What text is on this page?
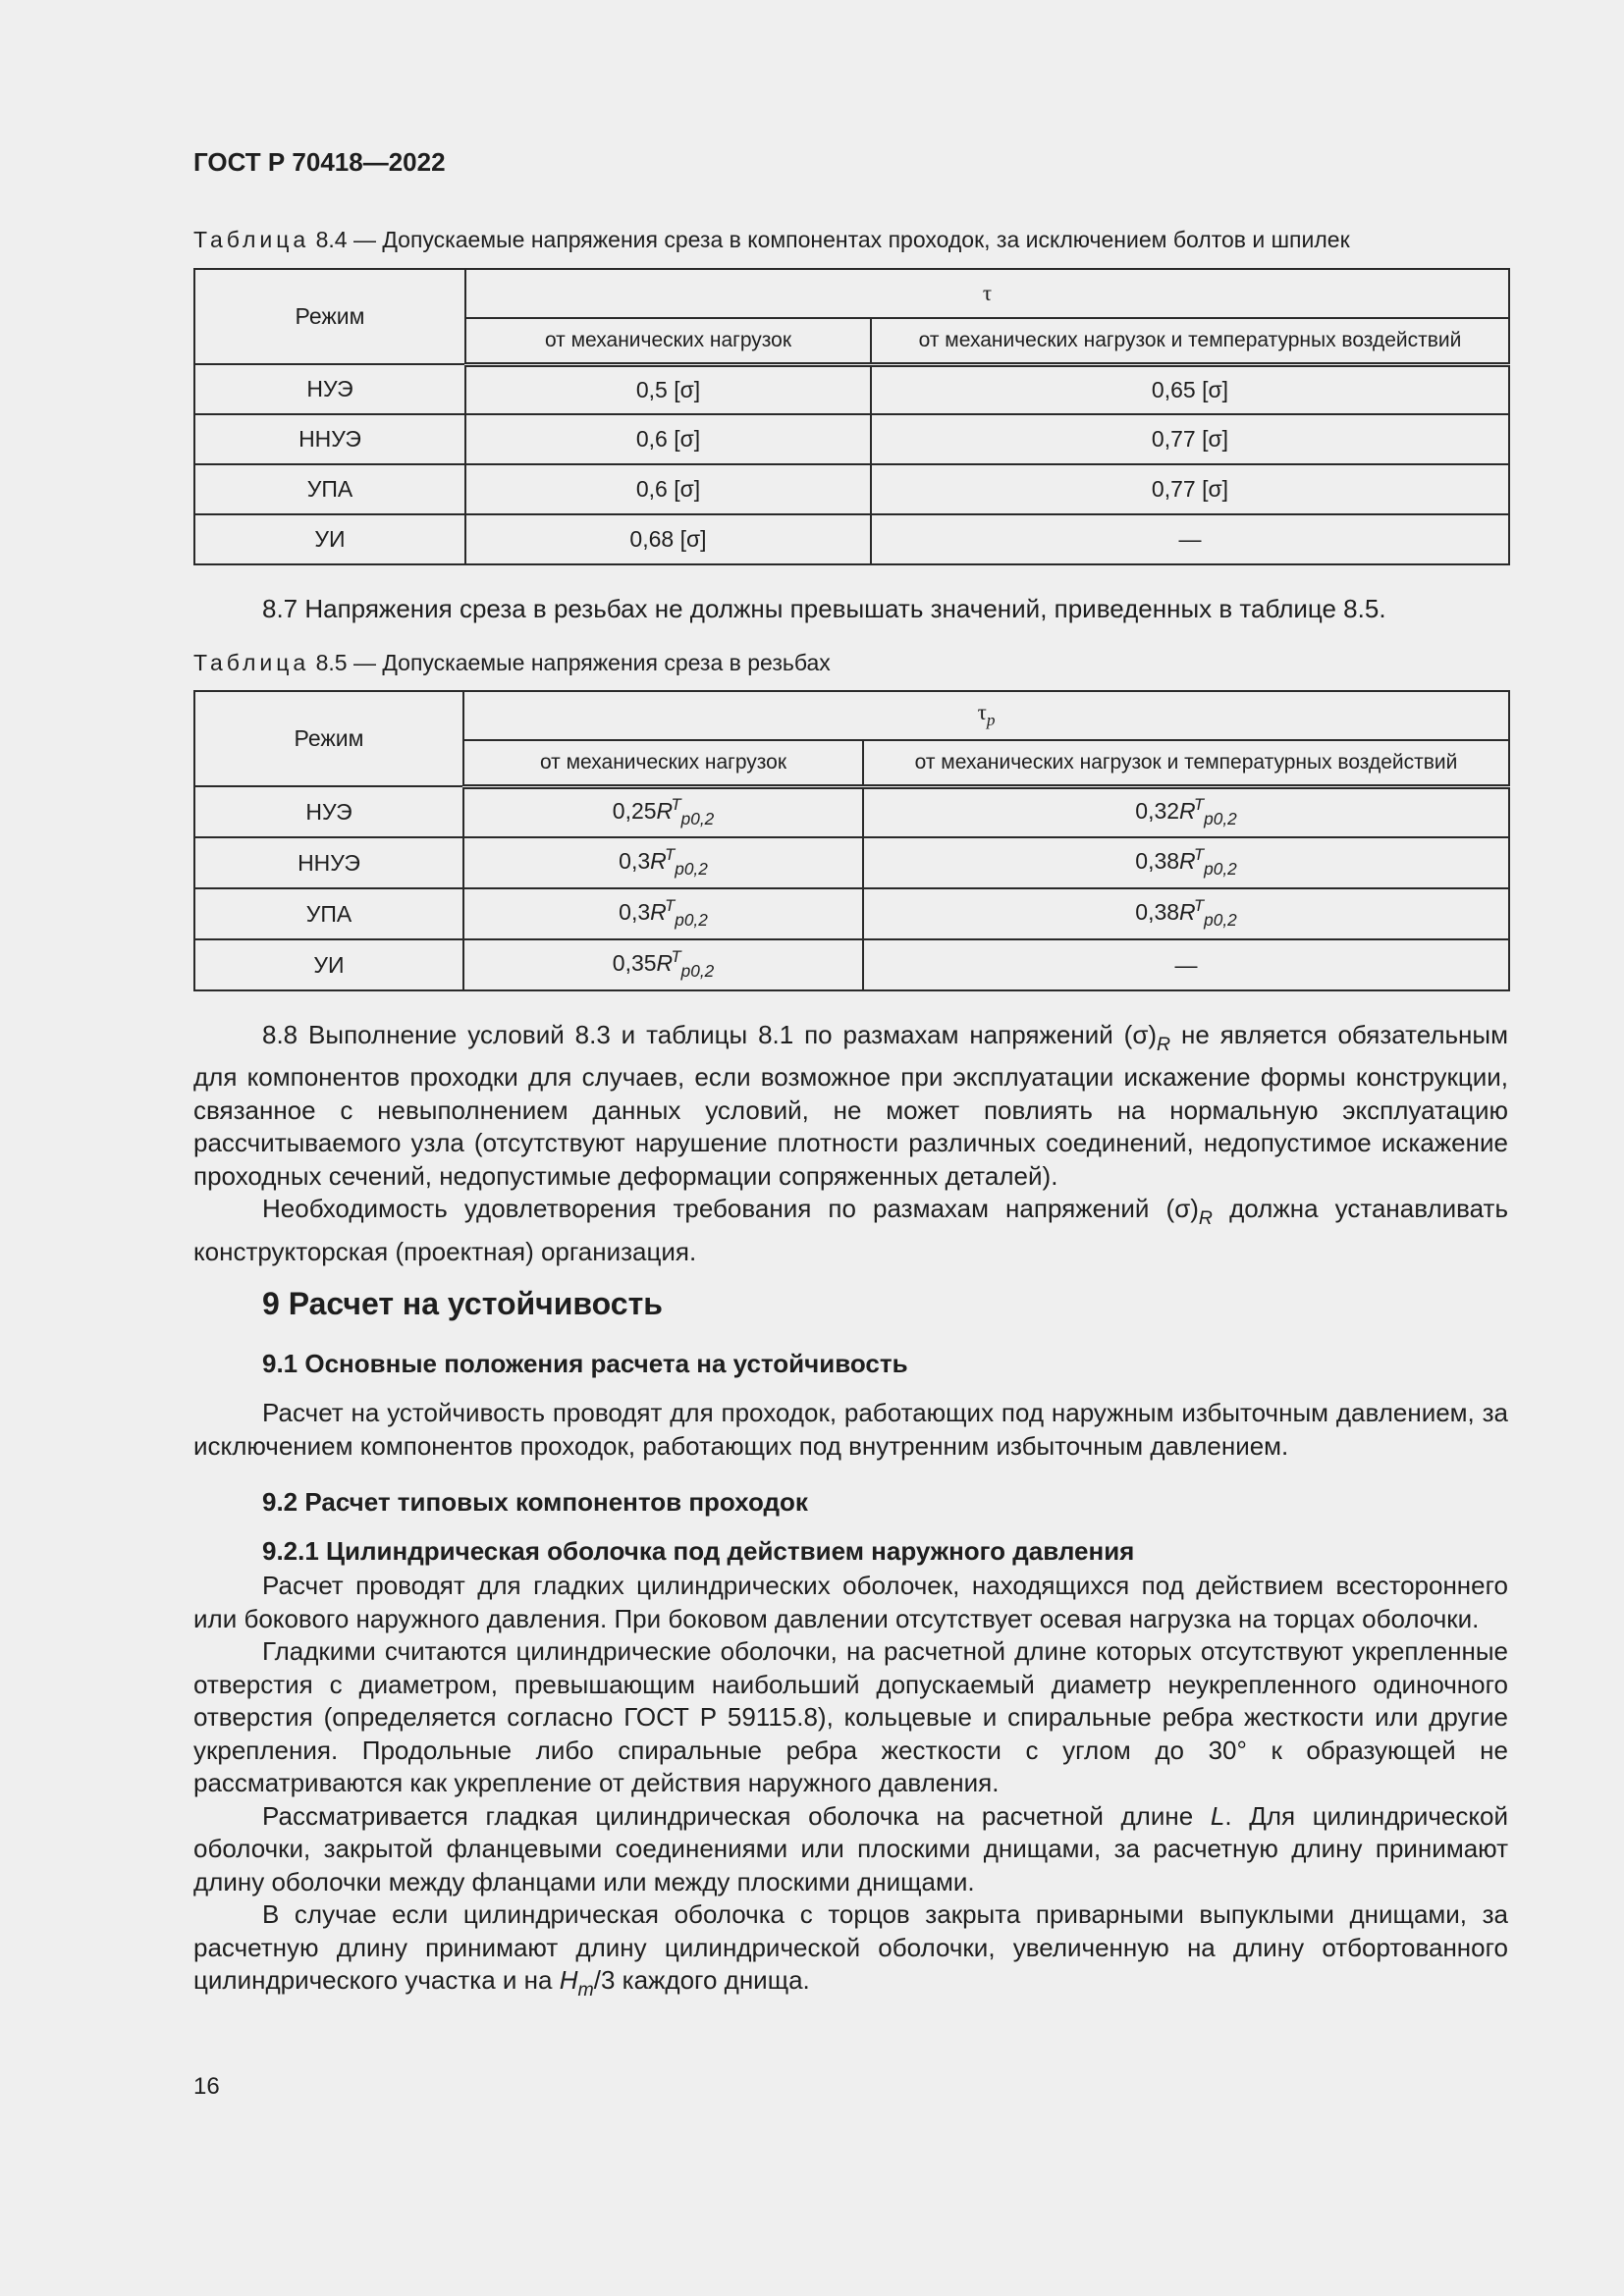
ГОСТ Р 70418—2022
Таблица 8.4 — Допускаемые напряжения среза в компонентах проходок, за исключением болтов и шпилек
Режим	τ	
	от механических нагрузок	от механических нагрузок и температурных воздействий
НУЭ	0,5 [σ]	0,65 [σ]
ННУЭ	0,6 [σ]	0,77 [σ]
УПА	0,6 [σ]	0,77 [σ]
УИ	0,68 [σ]	—

8.7 Напряжения среза в резьбах не должны превышать значений, приведенных в таблице 8.5.

Таблица 8.5 — Допускаемые напряжения среза в резьбах
Режим	$\tau_p$
	от механических нагрузок	от механических нагрузок и температурных воздействий
НУЭ	$0,25R^T_{p0,2}$	$0,32R^T_{p0,2}$
ННУЭ	$0,3R^T_{p0,2}$	$0,38R^T_{p0,2}$
УПА	$0,3R^T_{p0,2}$	$0,38R^T_{p0,2}$
УИ	$0,35R^T_{p0,2}$	—

8.8 Выполнение условий 8.3 и таблицы 8.1 по размахам напряжений $(\sigma)_R$ не является обязательным для компонентов проходки для случаев, если возможное при эксплуатации искажение формы конструкции, связанное с невыполнением данных условий, не может повлиять на нормальную эксплуатацию рассчитываемого узла (отсутствуют нарушение плотности различных соединений, недопустимое искажение проходных сечений, недопустимые деформации сопряженных деталей).

Необходимость удовлетворения требования по размахам напряжений $(\sigma)_R$ должна устанавливать конструкторская (проектная) организация.

9 Расчет на устойчивость
9.1 Основные положения расчета на устойчивость

Расчет на устойчивость проводят для проходок, работающих под наружным избыточным давлением, за исключением компонентов проходок, работающих под внутренним избыточным давлением.

9.2 Расчет типовых компонентов проходок
9.2.1 Цилиндрическая оболочка под действием наружного давления

Расчет проводят для гладких цилиндрических оболочек, находящихся под действием всестороннего или бокового наружного давления. При боковом давлении отсутствует осевая нагрузка на торцах оболочки.

Гладкими считаются цилиндрические оболочки, на расчетной длине которых отсутствуют укрепленные отверстия с диаметром, превышающим наибольший допускаемый диаметр неукрепленного одиночного отверстия (определяется согласно ГОСТ Р 59115.8), кольцевые и спиральные ребра жесткости или другие укрепления. Продольные либо спиральные ребра жесткости с углом до 30° к образующей не рассматриваются как укрепление от действия наружного давления.

Рассматривается гладкая цилиндрическая оболочка на расчетной длине L. Для цилиндрической оболочки, закрытой фланцевыми соединениями или плоскими днищами, за расчетную длину принимают длину оболочки между фланцами или между плоскими днищами.

В случае если цилиндрическая оболочка с торцов закрыта приварными выпуклыми днищами, за расчетную длину принимают длину цилиндрической оболочки, увеличенную на длину отбортованного цилиндрического участка и на $H_m/3$ каждого днища.

16
